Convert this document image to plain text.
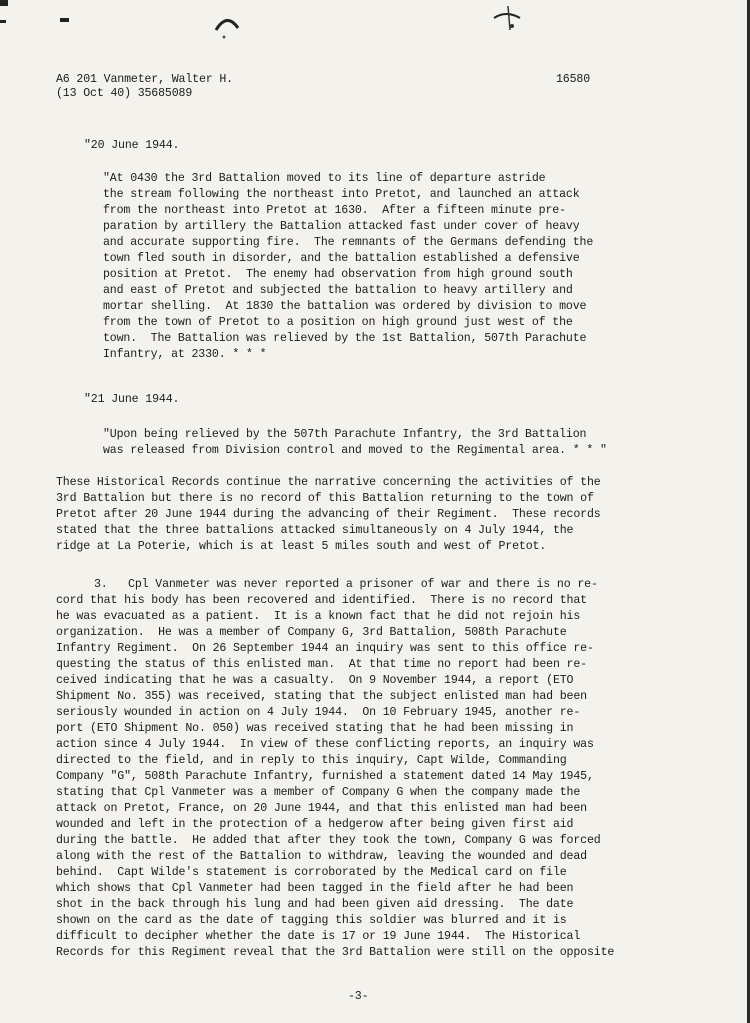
A6 201 Vanmeter, Walter H.
(13 Oct 40) 35685089
16580
"20 June 1944.
"At 0430 the 3rd Battalion moved to its line of departure astride
the stream following the northeast into Pretot, and launched an attack
from the northeast into Pretot at 1630.  After a fifteen minute pre-
paration by artillery the Battalion attacked fast under cover of heavy
and accurate supporting fire.  The remnants of the Germans defending the
town fled south in disorder, and the battalion established a defensive
position at Pretot.  The enemy had observation from high ground south
and east of Pretot and subjected the battalion to heavy artillery and
mortar shelling.  At 1830 the battalion was ordered by division to move
from the town of Pretot to a position on high ground just west of the
town.  The Battalion was relieved by the 1st Battalion, 507th Parachute
Infantry, at 2330. * * *
"21 June 1944.
"Upon being relieved by the 507th Parachute Infantry, the 3rd Battalion
was released from Division control and moved to the Regimental area. * * "
These Historical Records continue the narrative concerning the activities of the
3rd Battalion but there is no record of this Battalion returning to the town of
Pretot after 20 June 1944 during the advancing of their Regiment.  These records
stated that the three battalions attacked simultaneously on 4 July 1944, the
ridge at La Poterie, which is at least 5 miles south and west of Pretot.
3.   Cpl Vanmeter was never reported a prisoner of war and there is no re-
cord that his body has been recovered and identified.  There is no record that
he was evacuated as a patient.  It is a known fact that he did not rejoin his
organization.  He was a member of Company G, 3rd Battalion, 508th Parachute
Infantry Regiment.  On 26 September 1944 an inquiry was sent to this office re-
questing the status of this enlisted man.  At that time no report had been re-
ceived indicating that he was a casualty.  On 9 November 1944, a report (ETO
Shipment No. 355) was received, stating that the subject enlisted man had been
seriously wounded in action on 4 July 1944.  On 10 February 1945, another re-
port (ETO Shipment No. 050) was received stating that he had been missing in
action since 4 July 1944.  In view of these conflicting reports, an inquiry was
directed to the field, and in reply to this inquiry, Capt Wilde, Commanding
Company "G", 508th Parachute Infantry, furnished a statement dated 14 May 1945,
stating that Cpl Vanmeter was a member of Company G when the company made the
attack on Pretot, France, on 20 June 1944, and that this enlisted man had been
wounded and left in the protection of a hedgerow after being given first aid
during the battle.  He added that after they took the town, Company G was forced
along with the rest of the Battalion to withdraw, leaving the wounded and dead
behind.  Capt Wilde's statement is corroborated by the Medical card on file
which shows that Cpl Vanmeter had been tagged in the field after he had been
shot in the back through his lung and had been given aid dressing.  The date
shown on the card as the date of tagging this soldier was blurred and it is
difficult to decipher whether the date is 17 or 19 June 1944.  The Historical
Records for this Regiment reveal that the 3rd Battalion were still on the opposite
-3-
